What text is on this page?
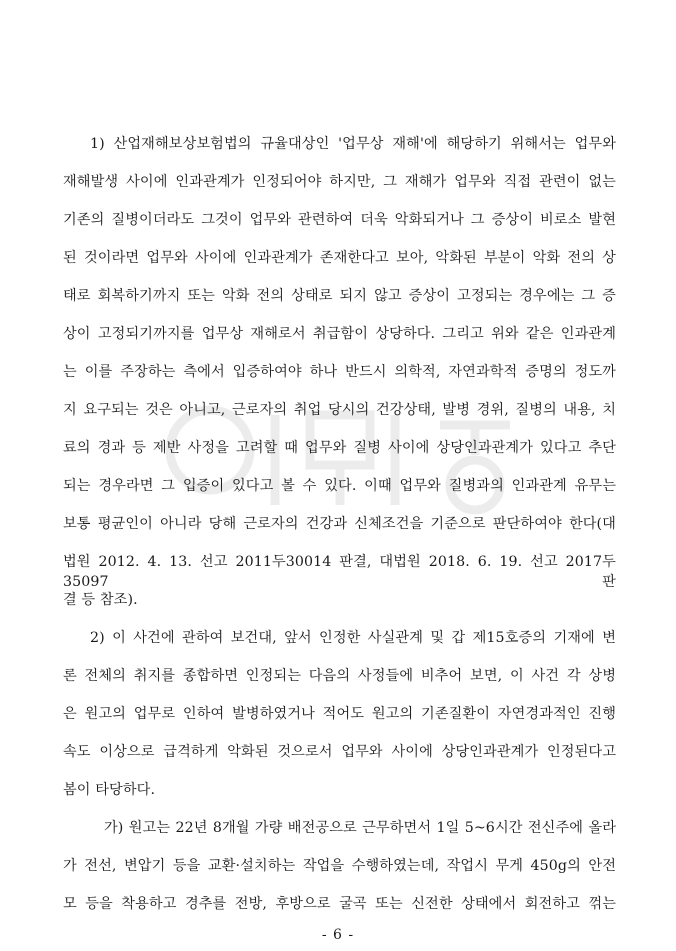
1) 산업재해보상보험법의 규율대상인 '업무상 재해'에 해당하기 위해서는 업무와
재해발생 사이에 인과관계가 인정되어야 하지만, 그 재해가 업무와 직접 관련이 없는
기존의 질병이더라도 그것이 업무와 관련하여 더욱 악화되거나 그 증상이 비로소 발현
된 것이라면 업무와 사이에 인과관계가 존재한다고 보아, 악화된 부분이 악화 전의 상
태로 회복하기까지 또는 악화 전의 상태로 되지 않고 증상이 고정되는 경우에는 그 증
상이 고정되기까지를 업무상 재해로서 취급함이 상당하다. 그리고 위와 같은 인과관계
는 이를 주장하는 측에서 입증하여야 하나 반드시 의학적, 자연과학적 증명의 정도까
지 요구되는 것은 아니고, 근로자의 취업 당시의 건강상태, 발병 경위, 질병의 내용, 치
료의 경과 등 제반 사정을 고려할 때 업무와 질병 사이에 상당인과관계가 있다고 추단
되는 경우라면 그 입증이 있다고 볼 수 있다. 이때 업무와 질병과의 인과관계 유무는
보통 평균인이 아니라 당해 근로자의 건강과 신체조건을 기준으로 판단하여야 한다(대
법원 2012. 4. 13. 선고 2011두30014 판결, 대법원 2018. 6. 19. 선고 2017두35097 판
결 등 참조).
2) 이 사건에 관하여 보건대, 앞서 인정한 사실관계 및 갑 제15호증의 기재에 변
론 전체의 취지를 종합하면 인정되는 다음의 사정들에 비추어 보면, 이 사건 각 상병
은 원고의 업무로 인하여 발병하였거나 적어도 원고의 기존질환이 자연경과적인 진행
속도 이상으로 급격하게 악화된 것으로서 업무와 사이에 상당인과관계가 인정된다고
봄이 타당하다.
가) 원고는 22년 8개월 가량 배전공으로 근무하면서 1일 5~6시간 전신주에 올라
가 전선, 변압기 등을 교환·설치하는 작업을 수행하였는데, 작업시 무게 450g의 안전
모 등을 착용하고 경추를 전방, 후방으로 굴곡 또는 신전한 상태에서 회전하고 꺾는
- 6 -
